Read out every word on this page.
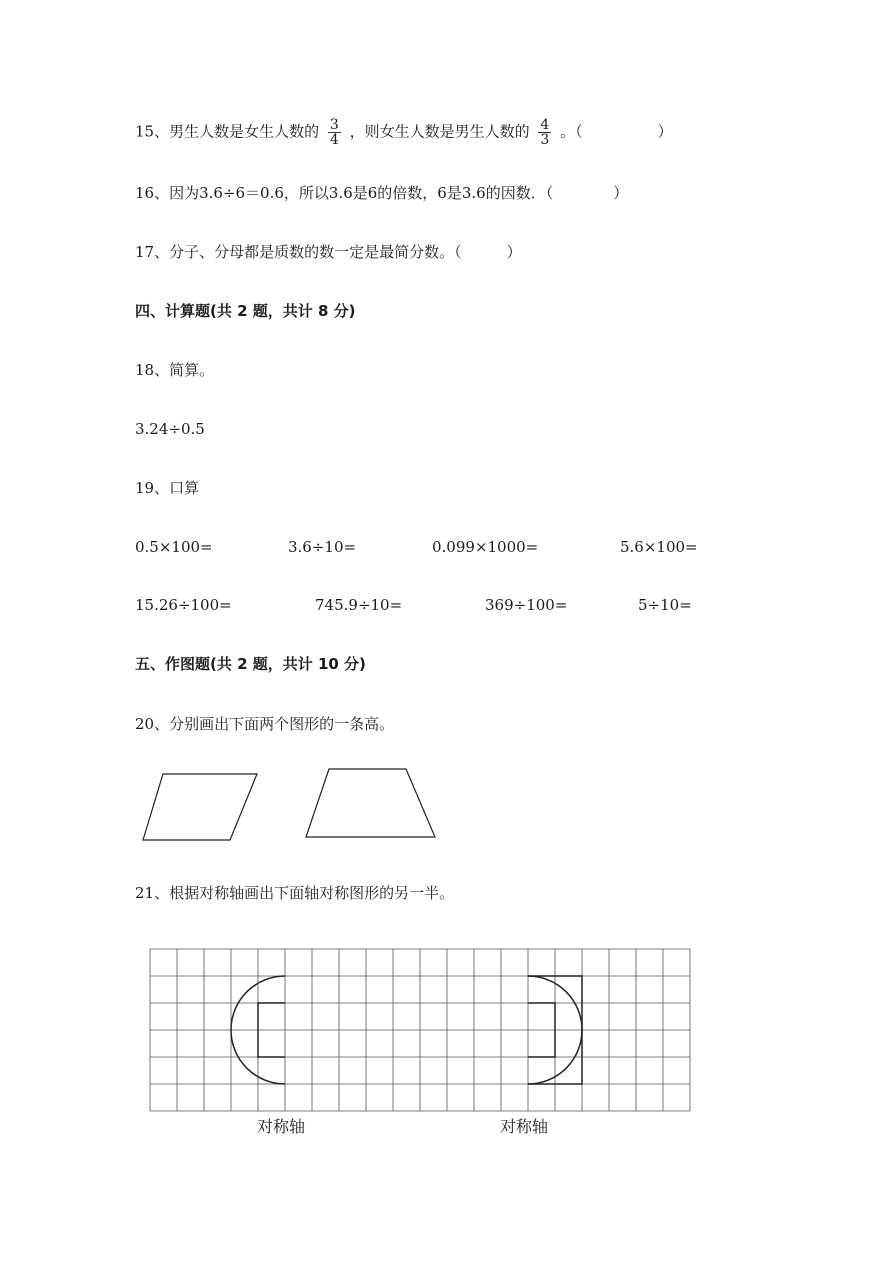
15、男生人数是女生人数的 $\frac{3}{4}$ ，则女生人数是男生人数的 $\frac{4}{3}$ 。（　　　　　）
16、因为3.6÷6＝0.6，所以3.6是6的倍数，6是3.6的因数．（　　　　）
17、分子、分母都是质数的数一定是最简分数。（　　　）
四、计算题(共 2 题，共计 8 分)
18、简算。
3.24÷0.5
19、口算
0.5×100=	3.6÷10=	0.099×1000=	5.6×100=
15.26÷100=	745.9÷10=	369÷100=	5÷10=
五、作图题(共 2 题，共计 10 分)
20、分别画出下面两个图形的一条高。
21、根据对称轴画出下面轴对称图形的另一半。
对称轴	对称轴
